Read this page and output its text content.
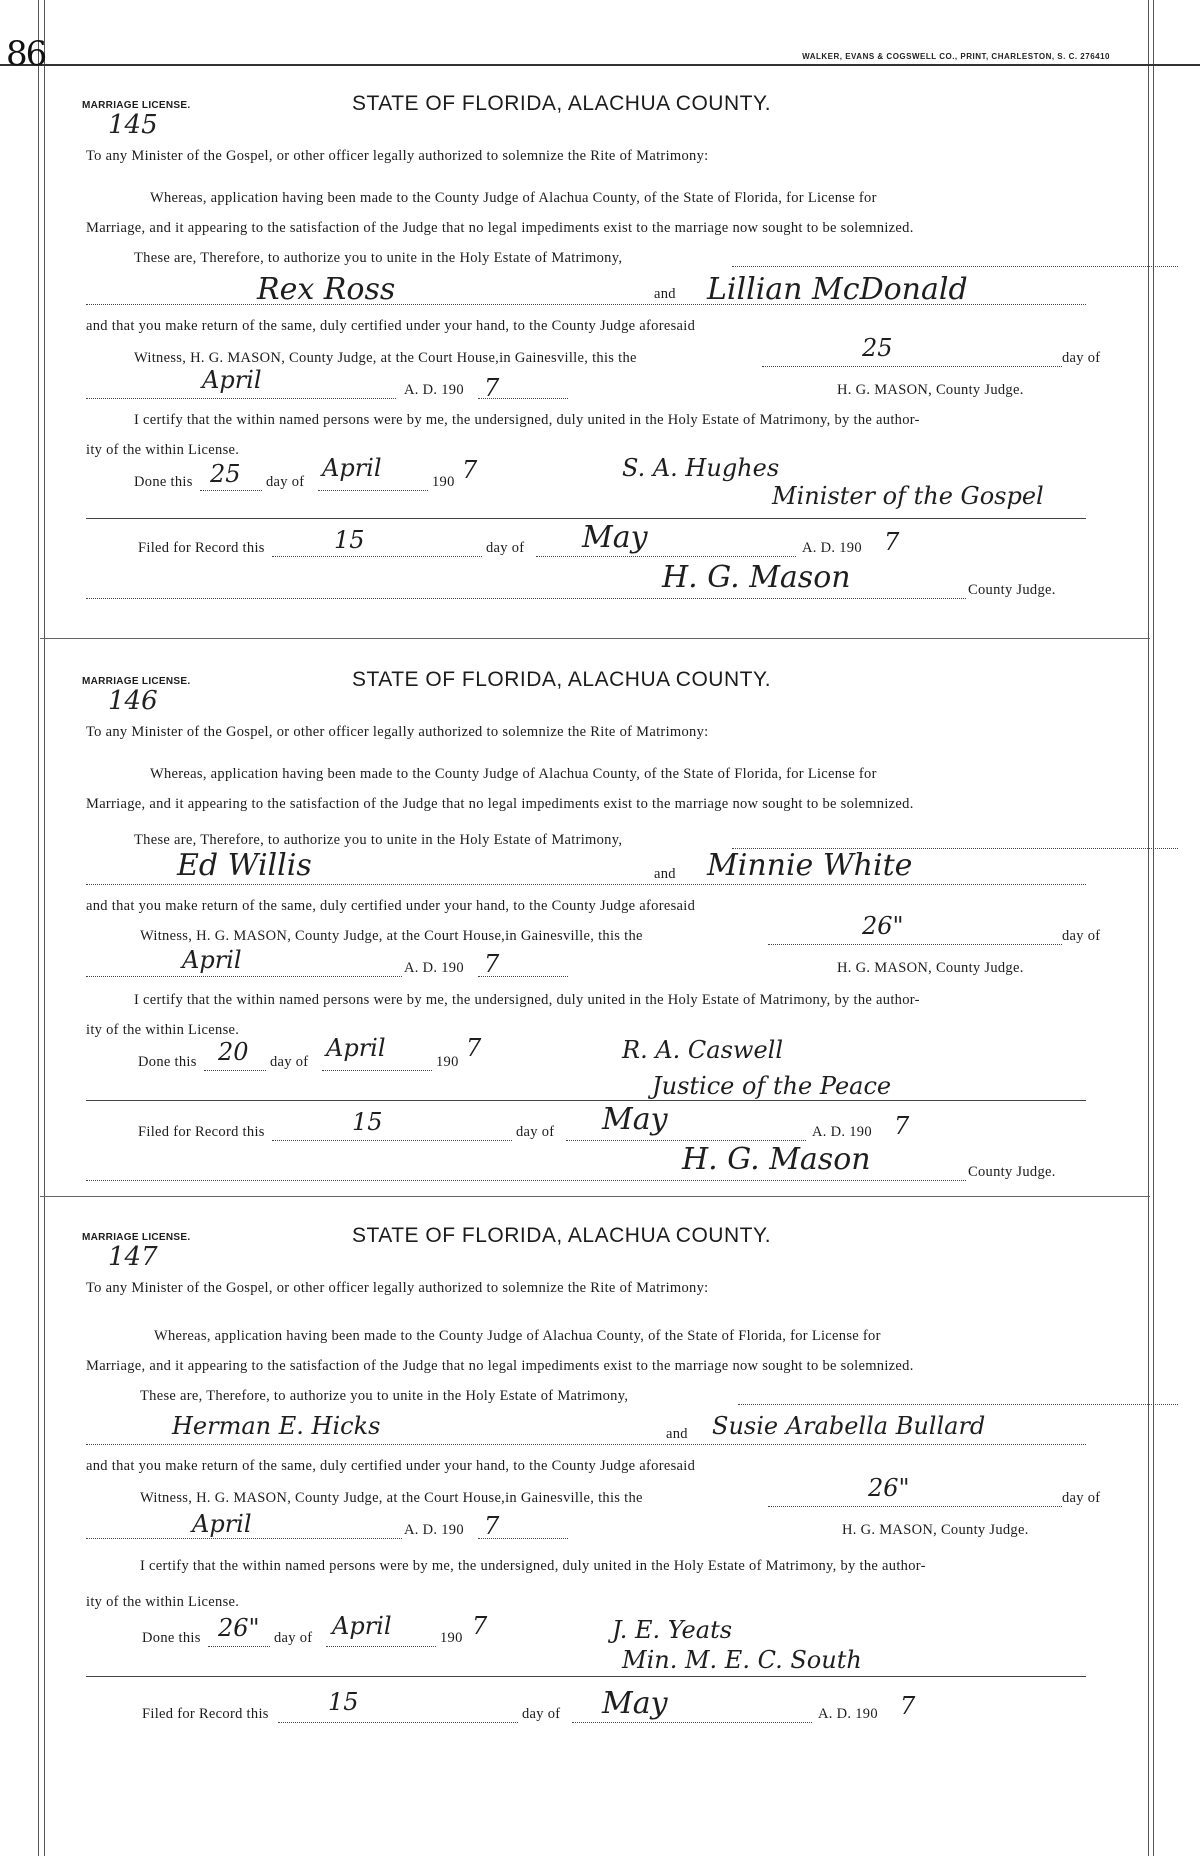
86	WALKER, EVANS & COGSWELL CO., PRINT, CHARLESTON, S. C. 276410
MARRIAGE LICENSE.	STATE OF FLORIDA, ALACHUA COUNTY.
145
To any Minister of the Gospel, or other officer legally authorized to solemnize the Rite of Matrimony:
Whereas, application having been made to the County Judge of Alachua County, of the State of Florida, for License for
Marriage, and it appearing to the satisfaction of the Judge that no legal impediments exist to the marriage now sought to be solemnized.
These are, Therefore, to authorize you to unite in the Holy Estate of Matrimony,
Rex Ross	and Lillian McDonald
and that you make return of the same, duly certified under your hand, to the County Judge aforesaid
Witness, H. G. MASON, County Judge, at the Court House,in Gainesville, this the	25	day of
April	A. D. 190 7	H. G. MASON, County Judge.
I certify that the within named persons were by me, the undersigned, duly united in the Holy Estate of Matrimony, by the author-
ity of the within License.
Done this 25 day of April	190 7	S. A. Hughes
Minister of the Gospel
Filed for Record this	15	day of May	A. D. 190 7
H. G. Mason	County Judge.
MARRIAGE LICENSE.	STATE OF FLORIDA, ALACHUA COUNTY.
146
To any Minister of the Gospel, or other officer legally authorized to solemnize the Rite of Matrimony:
Whereas, application having been made to the County Judge of Alachua County, of the State of Florida, for License for
Marriage, and it appearing to the satisfaction of the Judge that no legal impediments exist to the marriage now sought to be solemnized.
These are, Therefore, to authorize you to unite in the Holy Estate of Matrimony,
Ed Willis	and Minnie White
and that you make return of the same, duly certified under your hand, to the County Judge aforesaid
Witness, H. G. MASON, County Judge, at the Court House,in Gainesville, this the	26"	day of
April	A. D. 190 7	H. G. MASON, County Judge.
I certify that the within named persons were by me, the undersigned, duly united in the Holy Estate of Matrimony, by the author-
ity of the within License.
Done this 20 day of April	190 7	R. A. Caswell
Justice of the Peace
Filed for Record this	15	day of May	A. D. 190 7
H. G. Mason	County Judge.
MARRIAGE LICENSE.	STATE OF FLORIDA, ALACHUA COUNTY.
147
To any Minister of the Gospel, or other officer legally authorized to solemnize the Rite of Matrimony:
Whereas, application having been made to the County Judge of Alachua County, of the State of Florida, for License for
Marriage, and it appearing to the satisfaction of the Judge that no legal impediments exist to the marriage now sought to be solemnized.
These are, Therefore, to authorize you to unite in the Holy Estate of Matrimony,
Herman E. Hicks	and Susie Arabella Bullard
and that you make return of the same, duly certified under your hand, to the County Judge aforesaid
Witness, H. G. MASON, County Judge, at the Court House,in Gainesville, this the	26"	day of
April	A. D. 190 7	H. G. MASON, County Judge.
I certify that the within named persons were by me, the undersigned, duly united in the Holy Estate of Matrimony, by the author-
ity of the within License.
Done this 26" day of April	190 7	J. E. Yeats
Min. M. E. C. South
Filed for Record this 15	day of May	A. D. 190 7
